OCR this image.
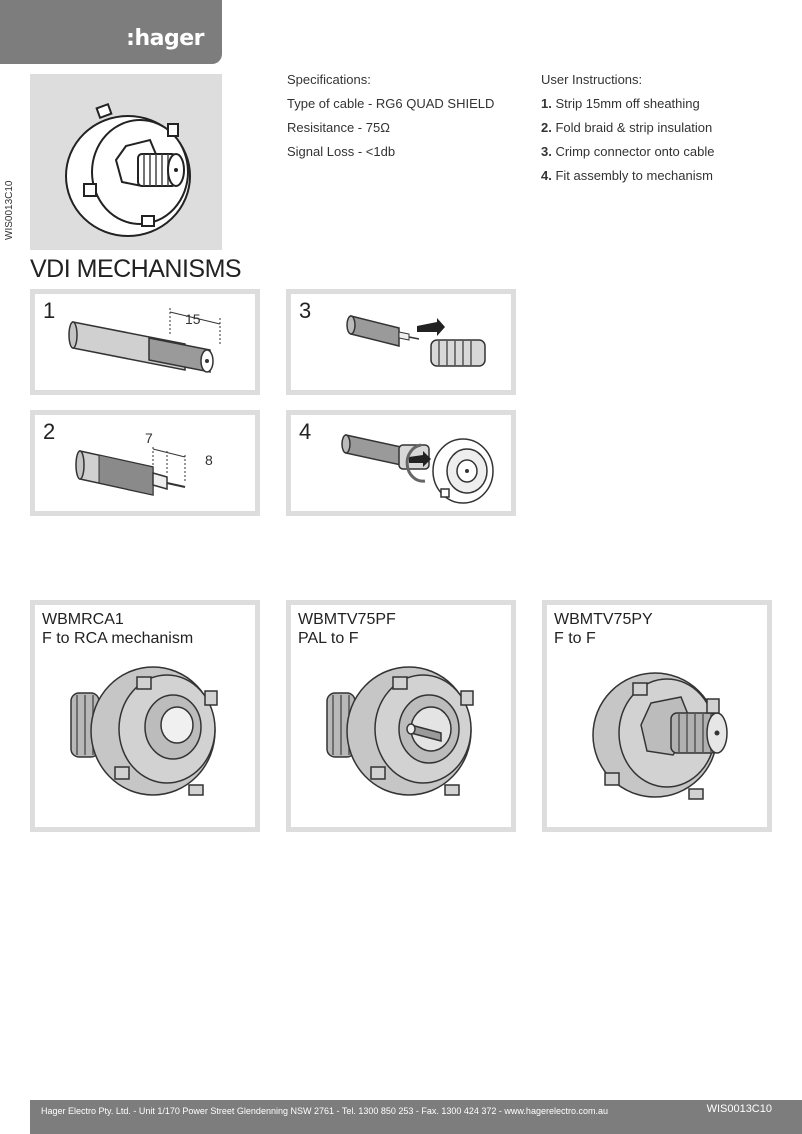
:hager
WIS0013C10
Specifications:
Type of cable - RG6 QUAD SHIELD
Resisitance - 75Ω
Signal Loss - <1db
User Instructions:
1. Strip 15mm off sheathing
2. Fold braid & strip insulation
3. Crimp connector onto cable
4. Fit assembly to mechanism
VDI MECHANISMS
1	15	3
2	7
8
4
WBMRCA1
F to RCA mechanism
WBMTV75PF
PAL to F
WBMTV75PY
F to F
Hager Electro Pty. Ltd. - Unit 1/170 Power Street Glendenning NSW 2761 - Tel. 1300 850 253 - Fax. 1300 424 372 - www.hagerelectro.com.au	WIS0013C10
